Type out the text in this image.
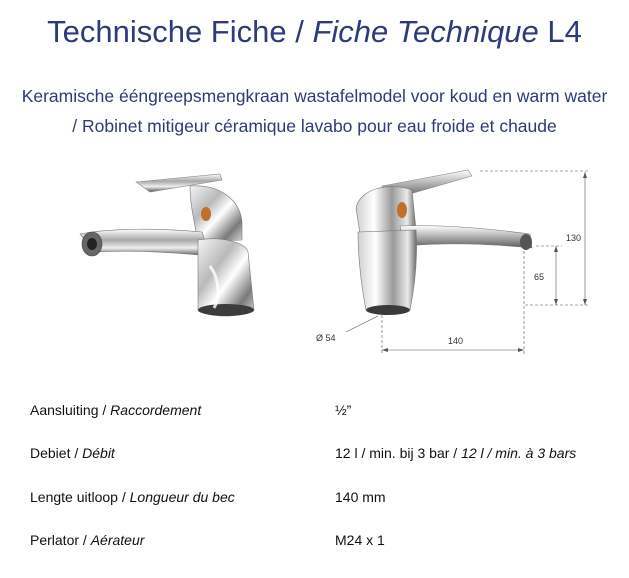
Technische Fiche / Fiche Technique L4
Keramische ééngreepsmengkraan wastafelmodel voor koud en warm water
/ Robinet mitigeur céramique lavabo pour eau froide et chaude
130
65
140
Ø 54
Aansluiting / Raccordement	½”
Debiet / Débit	12 l / min. bij 3 bar / 12 l / min. à 3 bars
Lengte uitloop / Longueur du bec	140 mm
Perlator / Aérateur	M24 x 1
